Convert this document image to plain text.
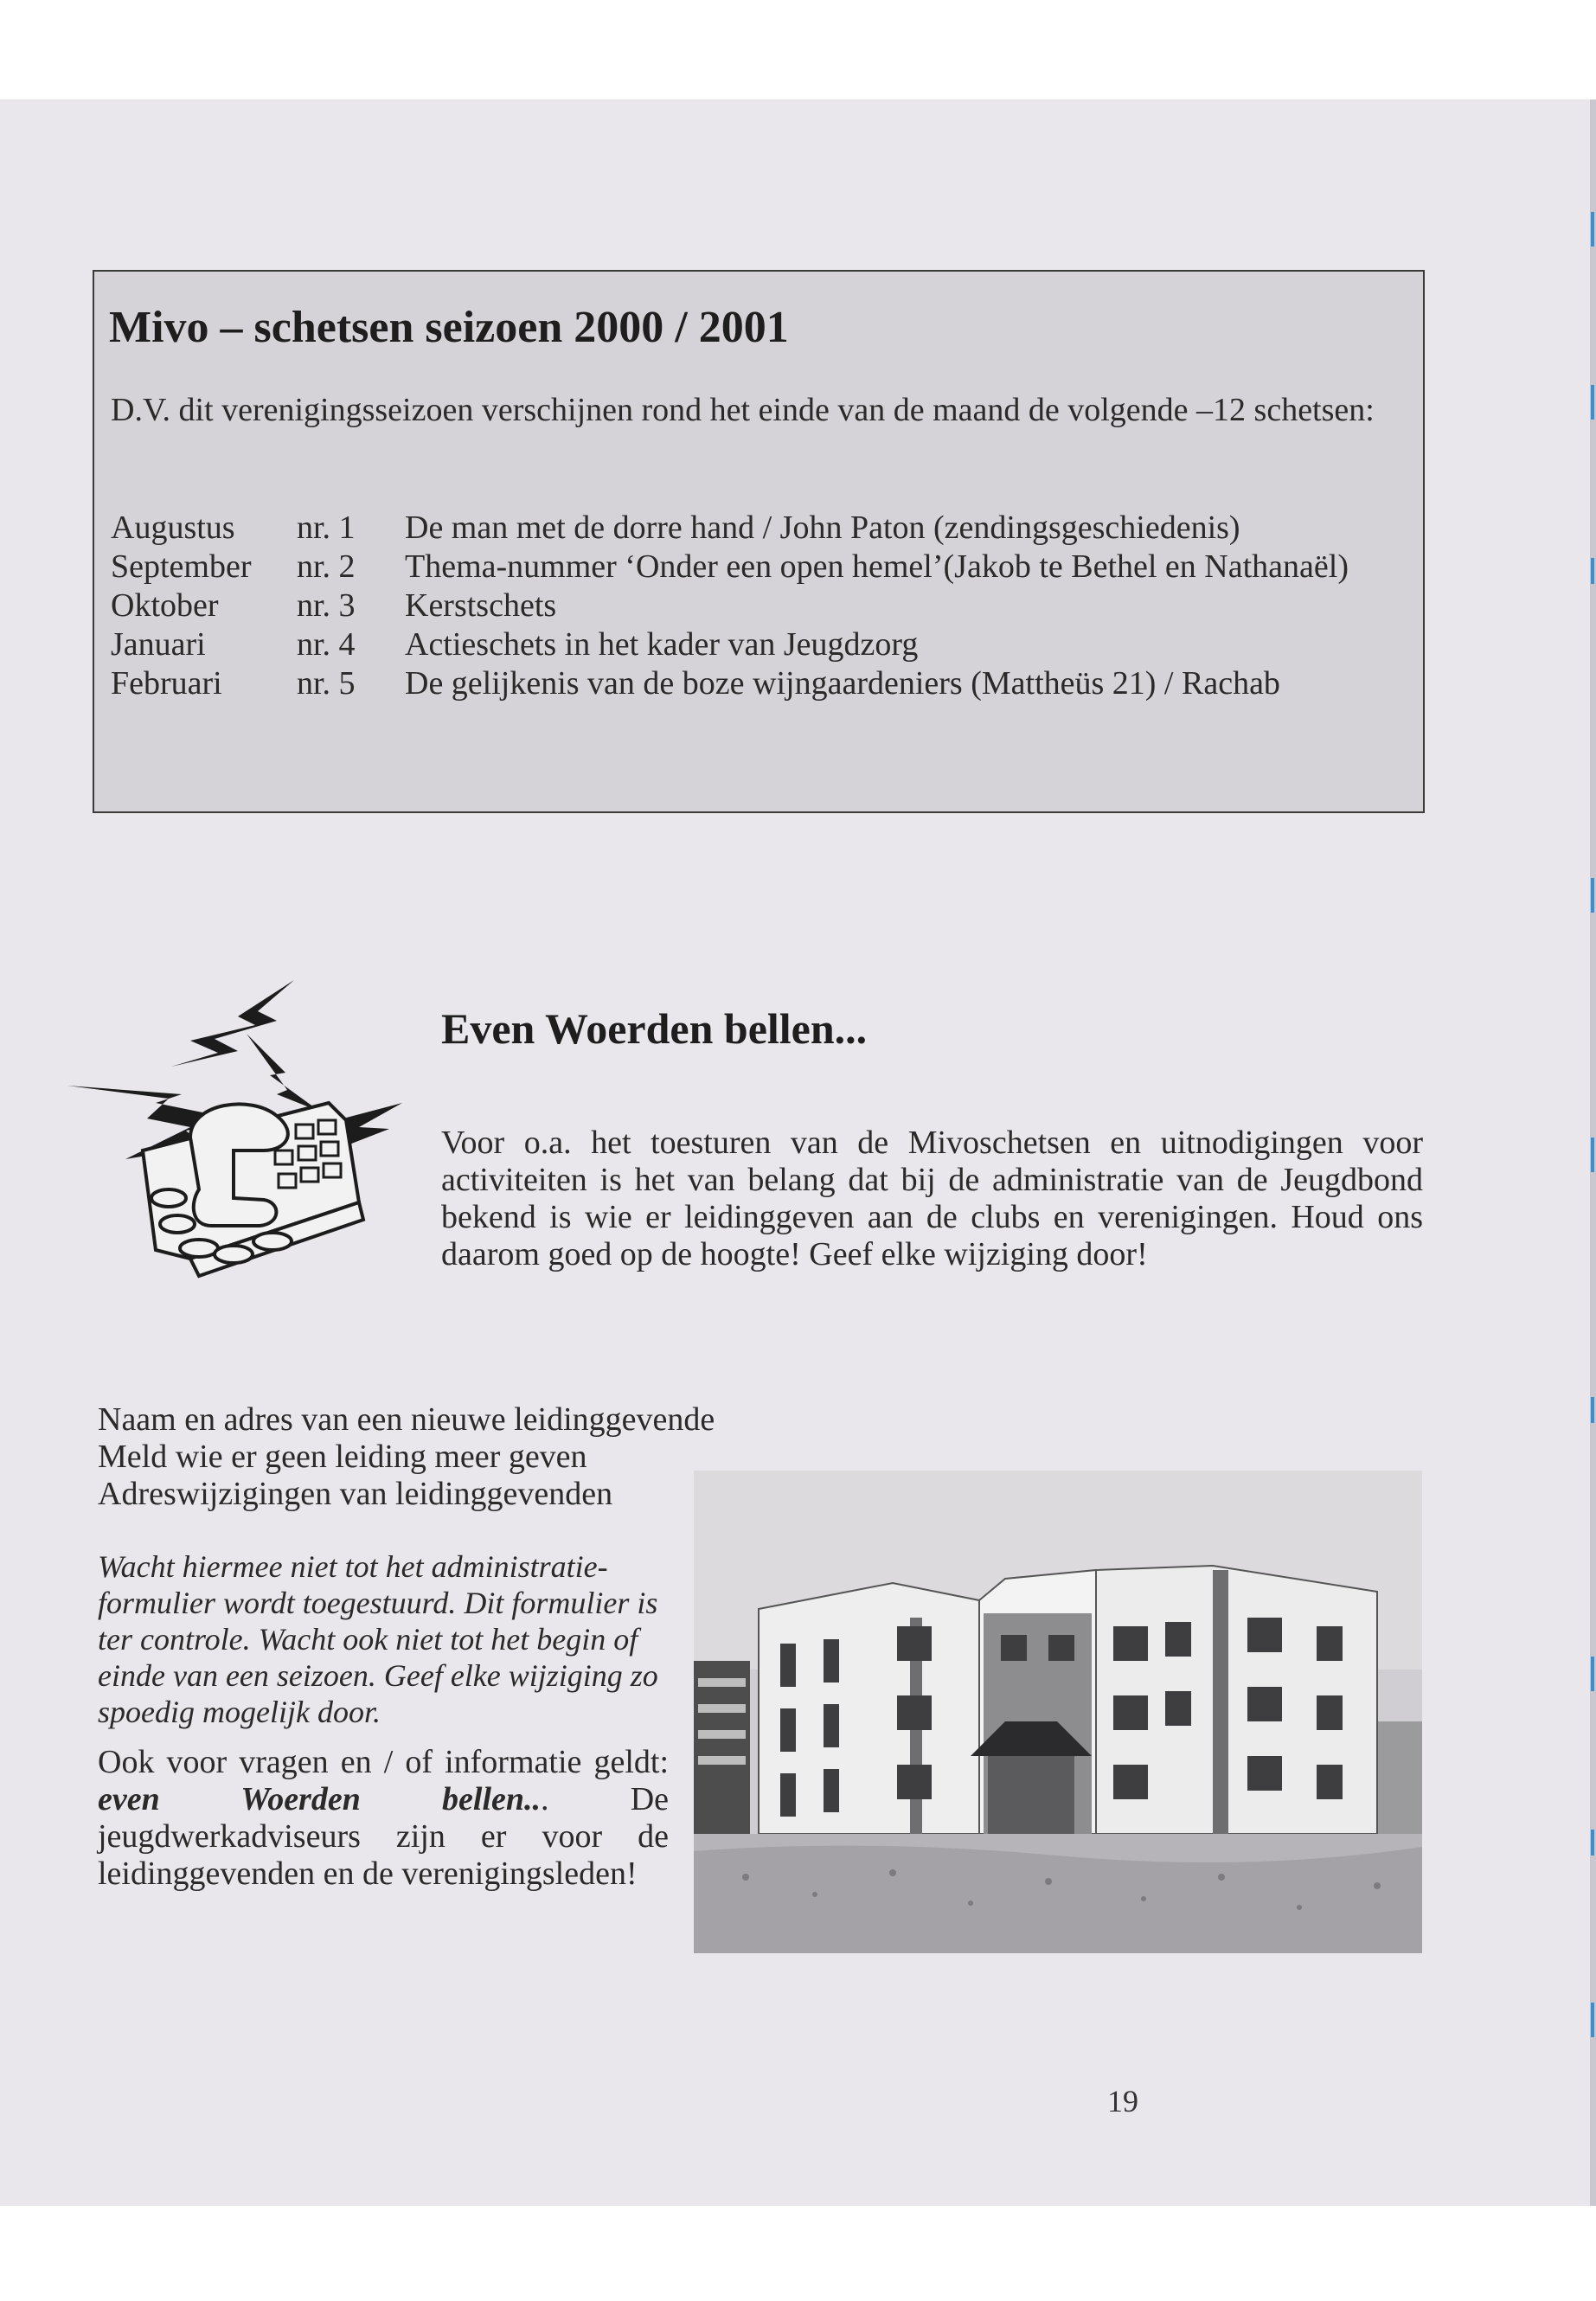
Mivo – schetsen seizoen 2000 / 2001

D.V. dit verenigingsseizoen verschijnen rond het einde van de maand de volgende –12 schetsen:

Augustus	nr. 1	De man met de dorre hand / John Paton (zendingsgeschiedenis)
September	nr. 2	Thema-nummer ‘Onder een open hemel’(Jakob te Bethel en Nathanaël)
Oktober	nr. 3	Kerstschets
Januari	nr. 4	Actieschets in het kader van Jeugdzorg
Februari	nr. 5	De gelijkenis van de boze wijngaardeniers (Mattheüs 21) / Rachab
Even Woerden bellen...

Voor o.a. het toesturen van de Mivoschetsen en uitnodigingen voor activiteiten is het van belang dat bij de administratie van de Jeugdbond bekend is wie er leidinggeven aan de clubs en verenigingen. Houd ons daarom goed op de hoogte! Geef elke wijziging door!

Naam en adres van een nieuwe leidinggevende
Meld wie er geen leiding meer geven
Adreswijzigingen van leidinggevenden

Wacht hiermee niet tot het administratie-formulier wordt toegestuurd. Dit formulier is ter controle. Wacht ook niet tot het begin of einde van een seizoen. Geef elke wijziging zo spoedig mogelijk door.

Ook voor vragen en / of informatie geldt: even Woerden bellen... De jeugdwerkadviseurs zijn er voor de leidinggevenden en de verenigingsleden!

19
